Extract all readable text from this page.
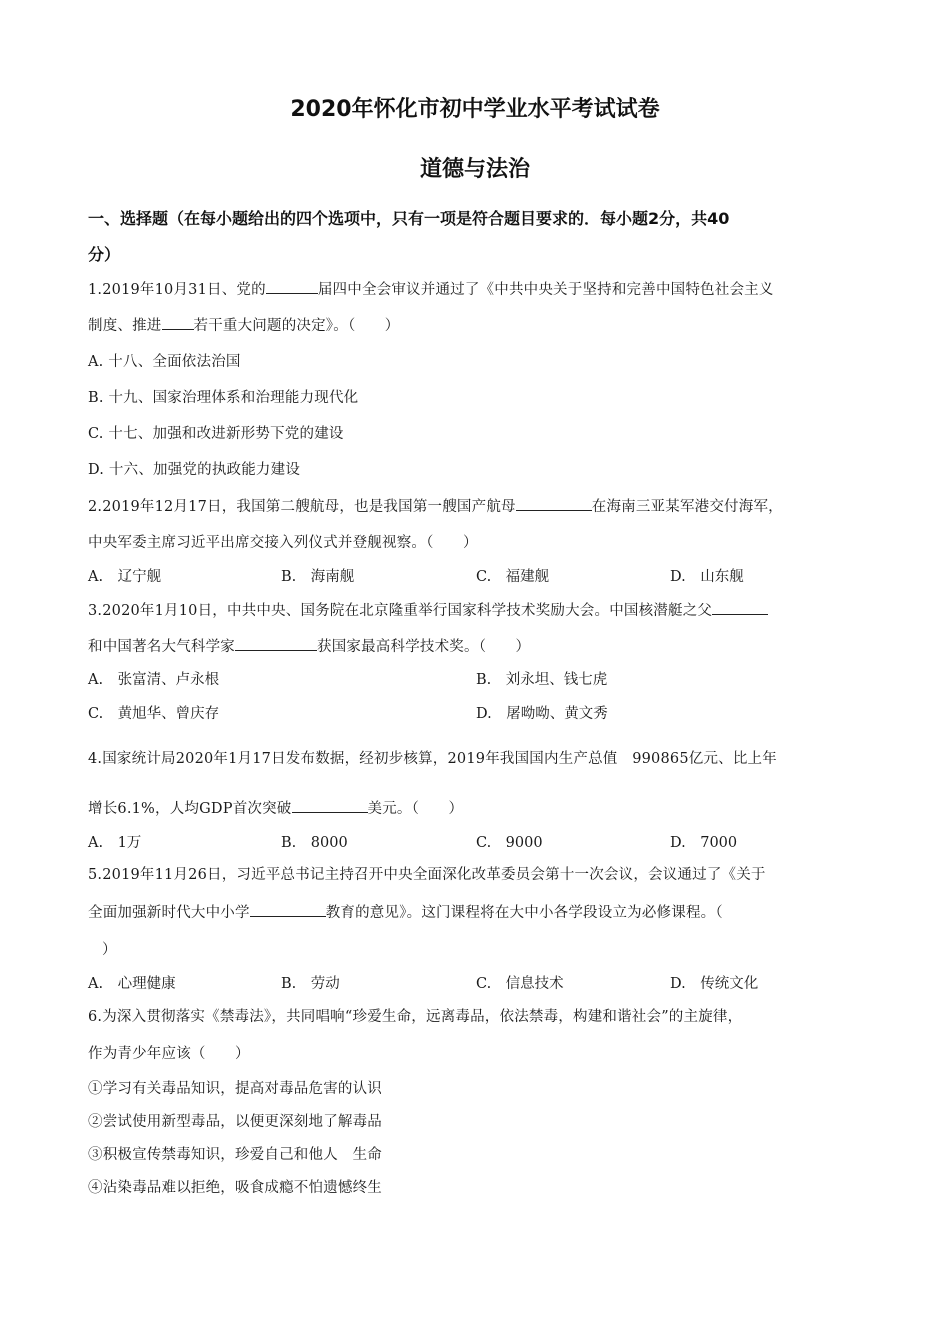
2020年怀化市初中学业水平考试试卷
道德与法治
一、选择题（在每小题给出的四个选项中，只有一项是符合题目要求的．每小题2分，共40
分）
1.2019年10月31日、党的	届四中全会审议并通过了《中共中央关于坚持和完善中国特色社会主义
制度、推进 若干重大问题的决定》。（　　）
A. 十八、全面依法治国
B. 十九、国家治理体系和治理能力现代化
C. 十七、加强和改进新形势下党的建设
D. 十六、加强党的执政能力建设
2.2019年12月17日，我国第二艘航母，也是我国第一艘国产航母	在海南三亚某军港交付海军，
中央军委主席习近平出席交接入列仪式并登舰视察。（　　）
A.　辽宁舰	B.　海南舰	C.　福建舰	D.　山东舰
3.2020年1月10日，中共中央、国务院在北京隆重举行国家科学技术奖励大会。中国核潜艇之父
和中国著名大气科学家	获国家最高科学技术奖。（　　）
A.　张富清、卢永根	B.　刘永坦、钱七虎
C.　黄旭华、曾庆存	D.　屠呦呦、黄文秀
4.国家统计局2020年1月17日发布数据，经初步核算，2019年我国国内生产总值　990865亿元、比上年
增长6.1%，人均GDP首次突破	美元。（　　）
A.　1万	B.　8000	C.　9000	D.　7000
5.2019年11月26日，习近平总书记主持召开中央全面深化改革委员会第十一次会议，会议通过了《关于
全面加强新时代大中小学	教育的意见》。这门课程将在大中小各学段设立为必修课程。（
）
A.　心理健康	B.　劳动	C.　信息技术	D.　传统文化
6.为深入贯彻落实《禁毒法》，共同唱响“珍爱生命，远离毒品，依法禁毒，构建和谐社会”的主旋律，
作为青少年应该（　　）
①学习有关毒品知识，提高对毒品危害的认识
②尝试使用新型毒品，以便更深刻地了解毒品
③积极宣传禁毒知识，珍爱自己和他人　生命
④沾染毒品难以拒绝，吸食成瘾不怕遗憾终生
